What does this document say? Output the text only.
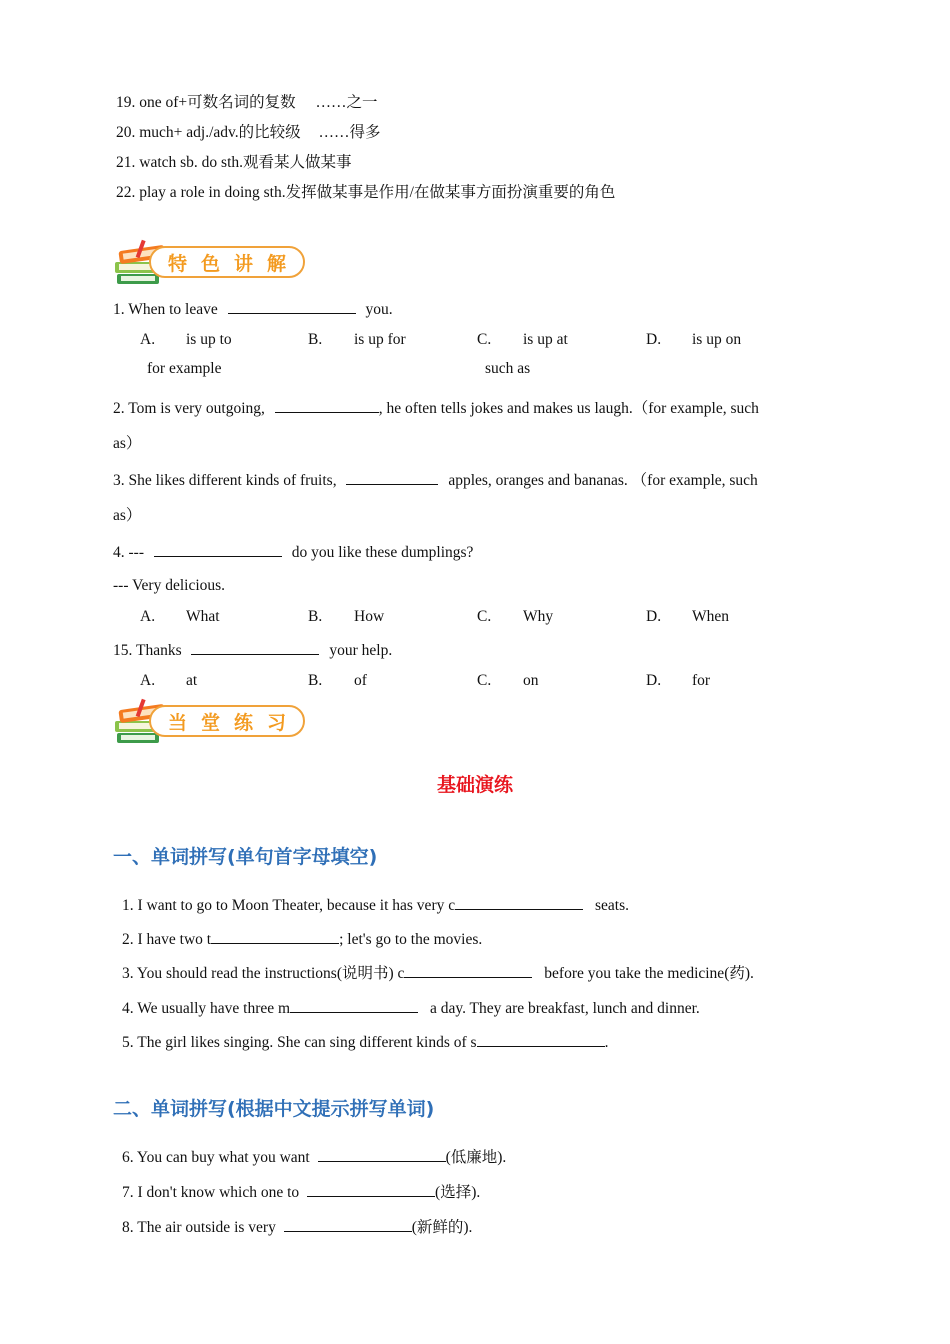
19. one of+可数名词的复数 ……之一
20. much+ adj./adv.的比较级 ……得多
21. watch sb. do sth.观看某人做某事
22. play a role in doing sth.发挥做某事是作用/在做某事方面扮演重要的角色
特色讲解
1. When to leave	you.
A. is up to	B. is up for	C. is up at	D. is up on
for example	such as
2. Tom is very outgoing,	, he often tells jokes and makes us laugh.（for example, such
as）
3. She likes different kinds of fruits,	apples, oranges and bananas. （for example, such
as）
4. ---	do you like these dumplings?
--- Very delicious.
A. What	B. How	C. Why	D. When
15. Thanks	your help.
A. at	B. of	C. on	D. for
当堂练习
基础演练
一、单词拼写(单句首字母填空)
1. I want to go to Moon Theater, because it has very c	seats.
2. I have two t	; let's go to the movies.
3. You should read the instructions(说明书) c	before you take the medicine(药).
4. We usually have three m	a day. They are breakfast, lunch and dinner.
5. The girl likes singing. She can sing different kinds of s	.
二、单词拼写(根据中文提示拼写单词)
6. You can buy what you want	(低廉地).
7. I don't know which one to	(选择).
8. The air outside is very	(新鲜的).
